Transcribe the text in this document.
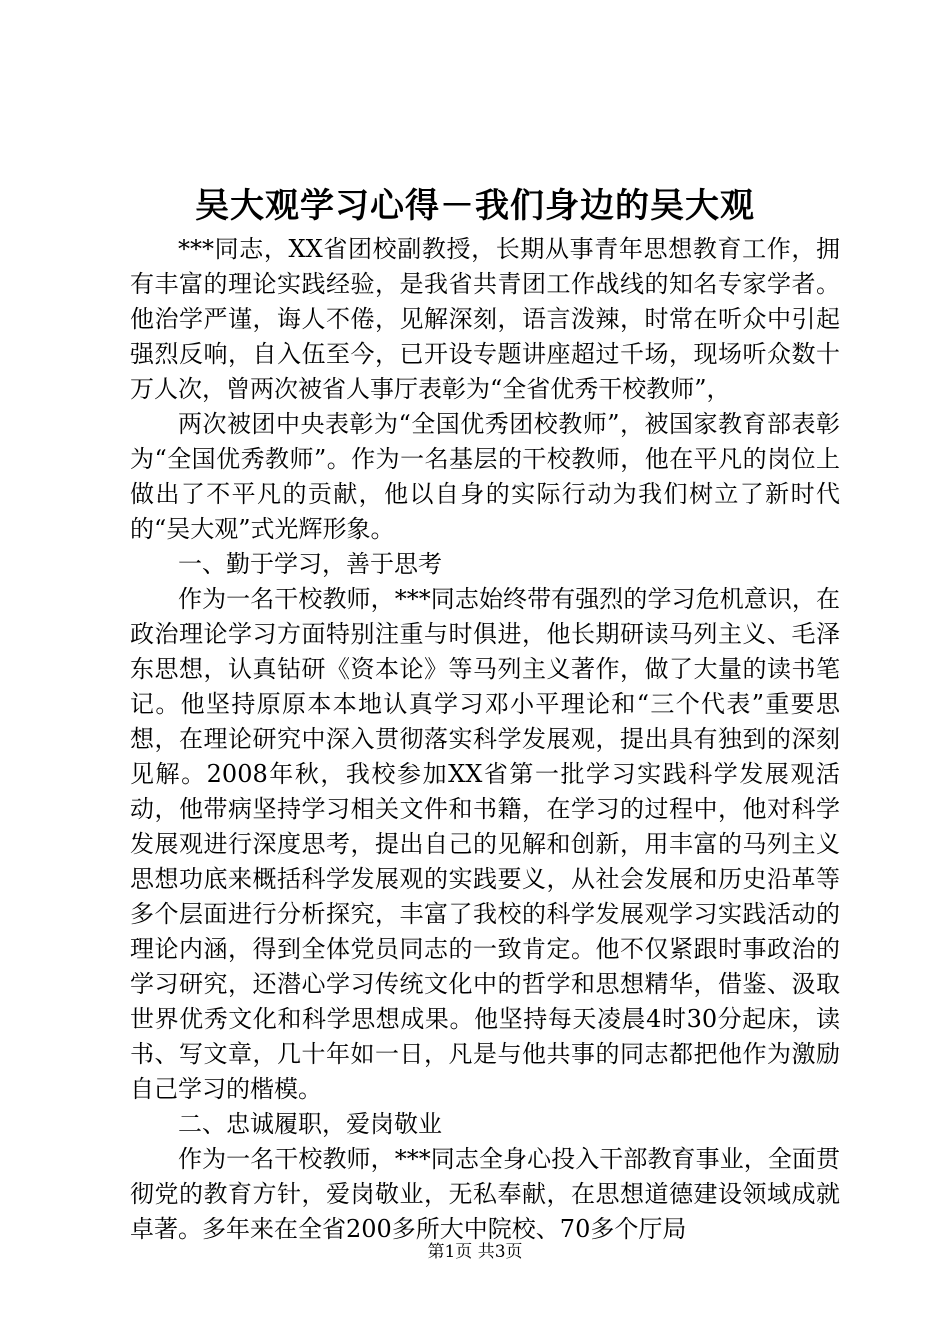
吴大观学习心得－我们身边的吴大观

***同志，XX省团校副教授，长期从事青年思想教育工作，拥有丰富的理论实践经验，是我省共青团工作战线的知名专家学者。他治学严谨，诲人不倦，见解深刻，语言泼辣，时常在听众中引起强烈反响，自入伍至今，已开设专题讲座超过千场，现场听众数十万人次，曾两次被省人事厅表彰为“全省优秀干校教师”，

两次被团中央表彰为“全国优秀团校教师”，被国家教育部表彰为“全国优秀教师”。作为一名基层的干校教师，他在平凡的岗位上做出了不平凡的贡献，他以自身的实际行动为我们树立了新时代的“吴大观”式光辉形象。

一、勤于学习，善于思考

作为一名干校教师，***同志始终带有强烈的学习危机意识，在政治理论学习方面特别注重与时俱进，他长期研读马列主义、毛泽东思想，认真钻研《资本论》等马列主义著作，做了大量的读书笔记。他坚持原原本本地认真学习邓小平理论和“三个代表”重要思想，在理论研究中深入贯彻落实科学发展观，提出具有独到的深刻见解。2008年秋，我校参加XX省第一批学习实践科学发展观活动，他带病坚持学习相关文件和书籍，在学习的过程中，他对科学发展观进行深度思考，提出自己的见解和创新，用丰富的马列主义思想功底来概括科学发展观的实践要义，从社会发展和历史沿革等多个层面进行分析探究，丰富了我校的科学发展观学习实践活动的理论内涵，得到全体党员同志的一致肯定。他不仅紧跟时事政治的学习研究，还潜心学习传统文化中的哲学和思想精华，借鉴、汲取世界优秀文化和科学思想成果。他坚持每天凌晨4时30分起床，读书、写文章，几十年如一日，凡是与他共事的同志都把他作为激励自己学习的楷模。

二、忠诚履职，爱岗敬业

作为一名干校教师，***同志全身心投入干部教育事业，全面贯彻党的教育方针，爱岗敬业，无私奉献，在思想道德建设领域成就卓著。多年来在全省200多所大中院校、70多个厅局

第1页 共3页
